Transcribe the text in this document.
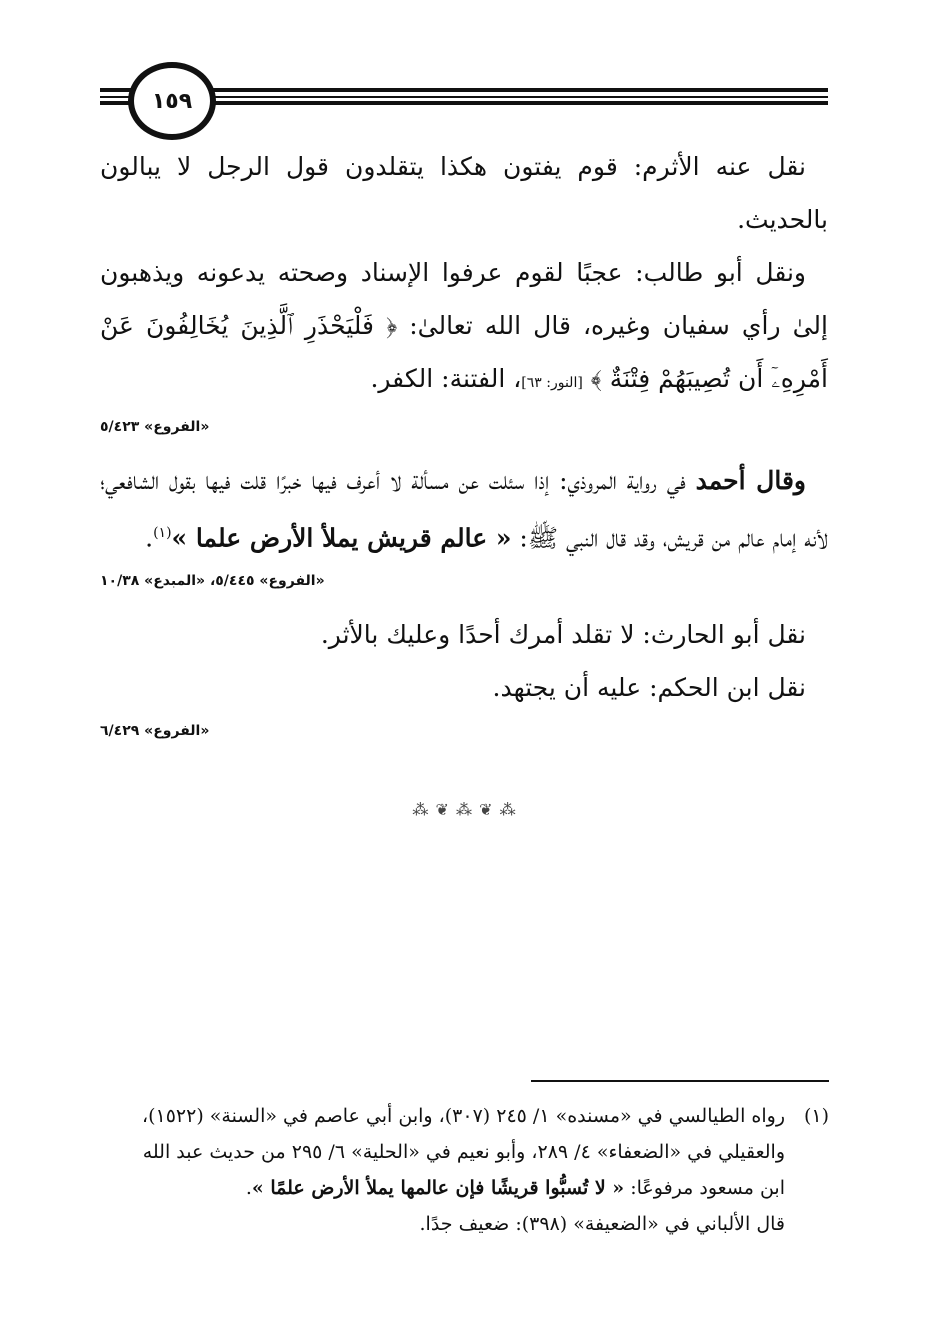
١٥٩

نقل عنه الأثرم: قوم يفتون هكذا يتقلدون قول الرجل لا يبالون بالحديث.

ونقل أبو طالب: عجبًا لقوم عرفوا الإسناد وصحته يدعونه ويذهبون إلىٰ رأي سفيان وغيره، قال الله تعالىٰ: ﴿ فَلْيَحْذَرِ ٱلَّذِينَ يُخَالِفُونَ عَنْ أَمْرِهِۦٓ أَن تُصِيبَهُمْ فِتْنَةٌ ﴾ [النور: ٦٣]، الفتنة: الكفر.

«الفروع» ٥/٤٢٣

وقال أحمد في رواية المروذي: إذا سئلت عن مسألة لا أعرف فيها خبرًا قلت فيها بقول الشافعي؛ لأنه إمام عالم من قريش، وقد قال النبي ﷺ: « عالم قريش يملأ الأرض علما »$^{(١)}$.

«الفروع» ٥/٤٤٥، «المبدع» ١٠/٣٨

نقل أبو الحارث: لا تقلد أمرك أحدًا وعليك بالأثر.

نقل ابن الحكم: عليه أن يجتهد.

«الفروع» ٦/٤٢٩
⁂ ❦ ⁂ ❦ ⁂

(١)رواه الطيالسي في «مسنده» ١/ ٢٤٥ (٣٠٧)، وابن أبي عاصم في «السنة» (١٥٢٢)،

والعقيلي في «الضعفاء» ٤/ ٢٨٩، وأبو نعيم في «الحلية» ٦/ ٢٩٥ من حديث عبد الله

ابن مسعود مرفوعًا: « لا تُسبُّوا قريشًا فإن عالمها يملأ الأرض علمًا ».

قال الألباني في «الضعيفة» (٣٩٨): ضعيف جدًا.
